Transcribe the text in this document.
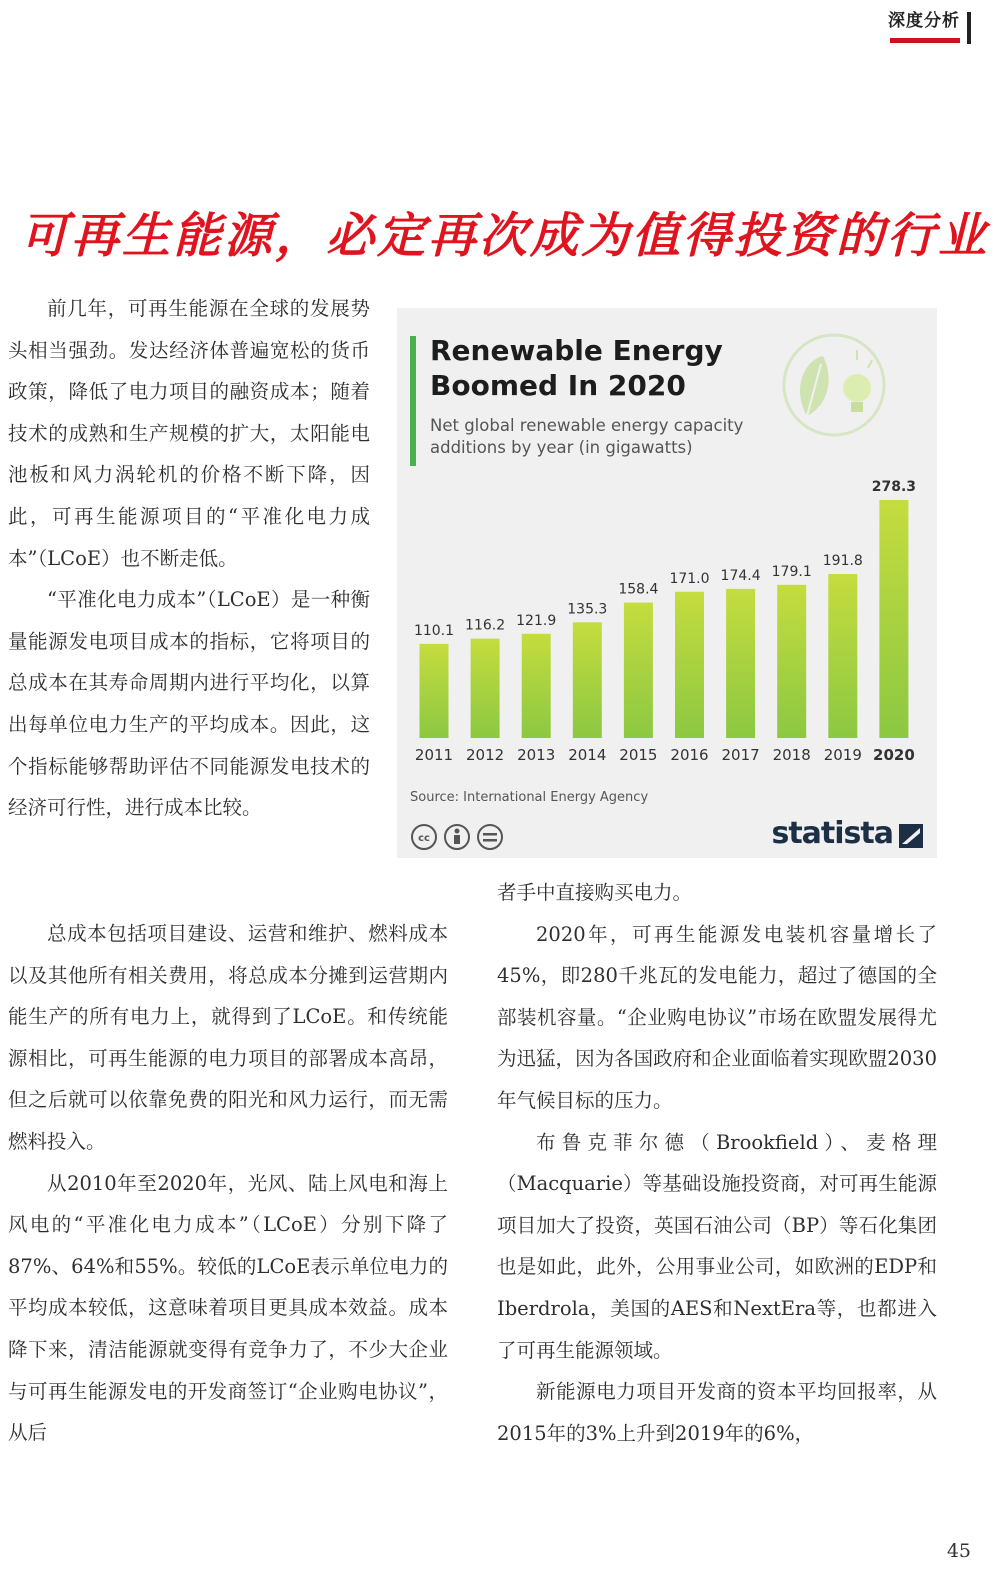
深度分析
可再生能源，必定再次成为值得投资的行业

前几年，可再生能源在全球的发展势头相当强劲。发达经济体普遍宽松的货币政策，降低了电力项目的融资成本；随着技术的成熟和生产规模的扩大，太阳能电池板和风力涡轮机的价格不断下降，因此，可再生能源项目的“平准化电力成本”（LCoE）也不断走低。

“平准化电力成本”（LCoE）是一种衡量能源发电项目成本的指标，它将项目的总成本在其寿命周期内进行平均化，以算出每单位电力生产的平均成本。因此，这个指标能够帮助评估不同能源发电技术的经济可行性，进行成本比较。

总成本包括项目建设、运营和维护、燃料成本以及其他所有相关费用，将总成本分摊到运营期内能生产的所有电力上，就得到了LCoE。和传统能源相比，可再生能源的电力项目的部署成本高昂，但之后就可以依靠免费的阳光和风力运行，而无需燃料投入。

从2010年至2020年，光风、陆上风电和海上风电的“平准化电力成本”（LCoE）分别下降了87%、64%和55%。较低的LCoE表示单位电力的平均成本较低，这意味着项目更具成本效益。成本降下来，清洁能源就变得有竞争力了，不少大企业与可再生能源发电的开发商签订“企业购电协议”，从后

者手中直接购买电力。

2020年，可再生能源发电装机容量增长了45%，即280千兆瓦的发电能力，超过了德国的全部装机容量。“企业购电协议”市场在欧盟发展得尤为迅猛，因为各国政府和企业面临着实现欧盟2030年气候目标的压力。

布鲁克菲尔德（Brookfield）、麦格理（Macquarie）等基础设施投资商，对可再生能源项目加大了投资，英国石油公司（BP）等石化集团也是如此，此外，公用事业公司，如欧洲的EDP和Iberdrola，美国的AES和NextEra等，也都进入了可再生能源领域。

新能源电力项目开发商的资本平均回报率，从2015年的3%上升到2019年的6%，

Renewable Energy
Boomed In 2020
Net global renewable energy capacity
additions by year (in gigawatts)
110.1
2011
116.2
2012
121.9
2013
135.3
2014
158.4
2015
171.0
2016
174.4
2017
179.1
2018
191.8
2019
278.3
2020
Source: International Energy Agency
cc	statista
45
